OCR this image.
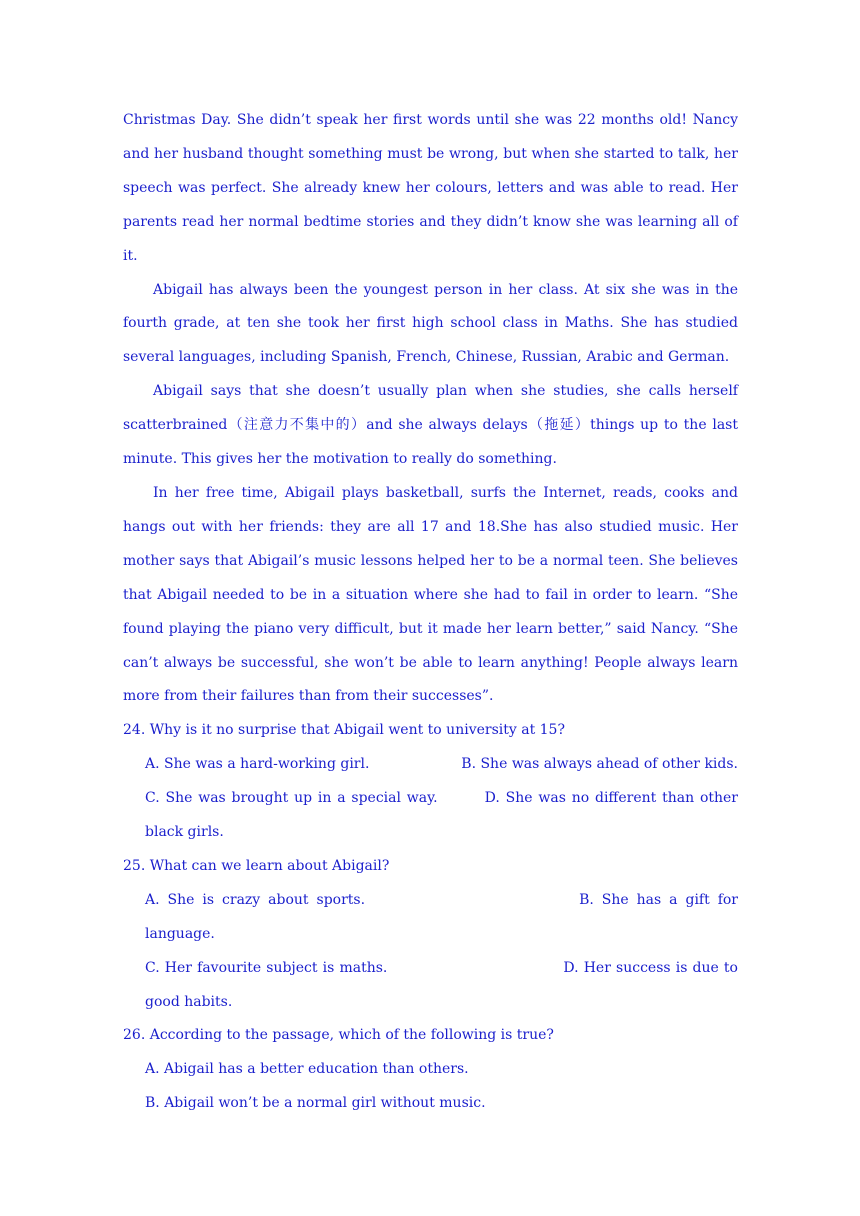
Christmas Day. She didn’t speak her first words until she was 22 months old! Nancy and her husband thought something must be wrong, but when she started to talk, her speech was perfect. She already knew her colours, letters and was able to read. Her parents read her normal bedtime stories and they didn’t know she was learning all of it.

Abigail has always been the youngest person in her class. At six she was in the fourth grade, at ten she took her first high school class in Maths. She has studied several languages, including Spanish, French, Chinese, Russian, Arabic and German.

Abigail says that she doesn’t usually plan when she studies, she calls herself scatterbrained（注意力不集中的）and she always delays（拖延）things up to the last minute. This gives her the motivation to really do something.

In her free time, Abigail plays basketball, surfs the Internet, reads, cooks and hangs out with her friends: they are all 17 and 18.She has also studied music. Her mother says that Abigail’s music lessons helped her to be a normal teen. She believes that Abigail needed to be in a situation where she had to fail in order to learn. “She found playing the piano very difficult, but it made her learn better,” said Nancy. “She can’t always be successful, she won’t be able to learn anything! People always learn more from their failures than from their successes”.

24. Why is it no surprise that Abigail went to university at 15?

A. She was a hard-working girl.	B. She was always ahead of other kids.
C. She was brought up in a special way.	D. She was no different than other black girls.

25. What can we learn about Abigail?

A. She is crazy about sports.	B. She has a gift for language.
C. Her favourite subject is maths.	D. Her success is due to good habits.

26. According to the passage, which of the following is true?

A. Abigail has a better education than others.

B. Abigail won’t be a normal girl without music.
